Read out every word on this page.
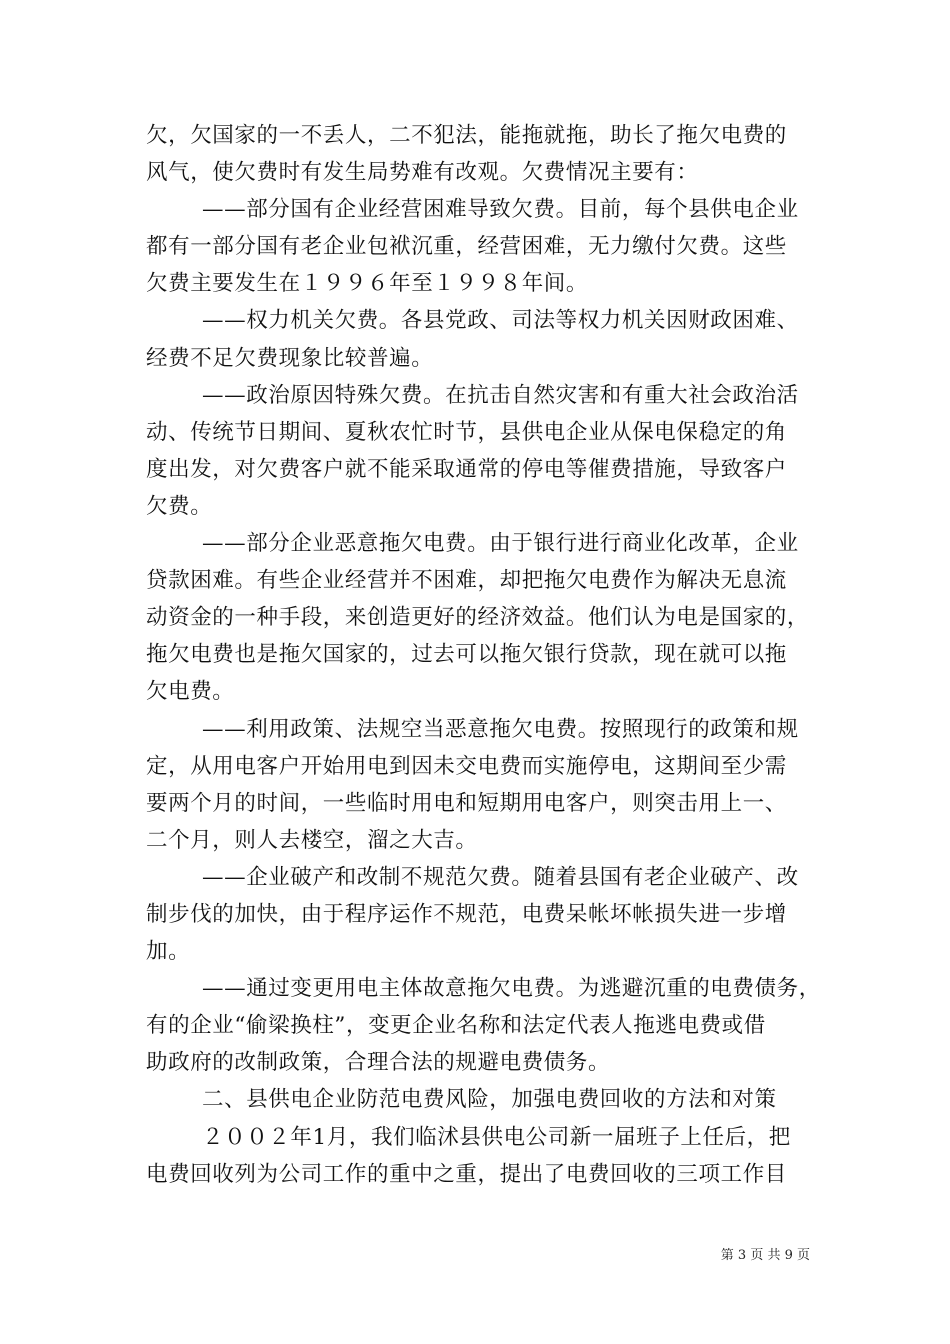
欠，欠国家的一不丢人，二不犯法，能拖就拖，助长了拖欠电费的
风气，使欠费时有发生局势难有改观。欠费情况主要有：
——部分国有企业经营困难导致欠费。目前，每个县供电企业
都有一部分国有老企业包袱沉重，经营困难，无力缴付欠费。这些
欠费主要发生在１９９６年至１９９８年间。
——权力机关欠费。各县党政、司法等权力机关因财政困难、
经费不足欠费现象比较普遍。
——政治原因特殊欠费。在抗击自然灾害和有重大社会政治活
动、传统节日期间、夏秋农忙时节，县供电企业从保电保稳定的角
度出发，对欠费客户就不能采取通常的停电等催费措施，导致客户
欠费。
——部分企业恶意拖欠电费。由于银行进行商业化改革，企业
贷款困难。有些企业经营并不困难，却把拖欠电费作为解决无息流
动资金的一种手段，来创造更好的经济效益。他们认为电是国家的，
拖欠电费也是拖欠国家的，过去可以拖欠银行贷款，现在就可以拖
欠电费。
——利用政策、法规空当恶意拖欠电费。按照现行的政策和规
定，从用电客户开始用电到因未交电费而实施停电，这期间至少需
要两个月的时间，一些临时用电和短期用电客户，则突击用上一、
二个月，则人去楼空，溜之大吉。
——企业破产和改制不规范欠费。随着县国有老企业破产、改
制步伐的加快，由于程序运作不规范，电费呆帐坏帐损失进一步增
加。
——通过变更用电主体故意拖欠电费。为逃避沉重的电费债务，
有的企业“偷梁换柱”，变更企业名称和法定代表人拖逃电费或借
助政府的改制政策，合理合法的规避电费债务。
二、县供电企业防范电费风险，加强电费回收的方法和对策
２００２年1月，我们临沭县供电公司新一届班子上任后，把
电费回收列为公司工作的重中之重，提出了电费回收的三项工作目
第 3 页 共 9 页
